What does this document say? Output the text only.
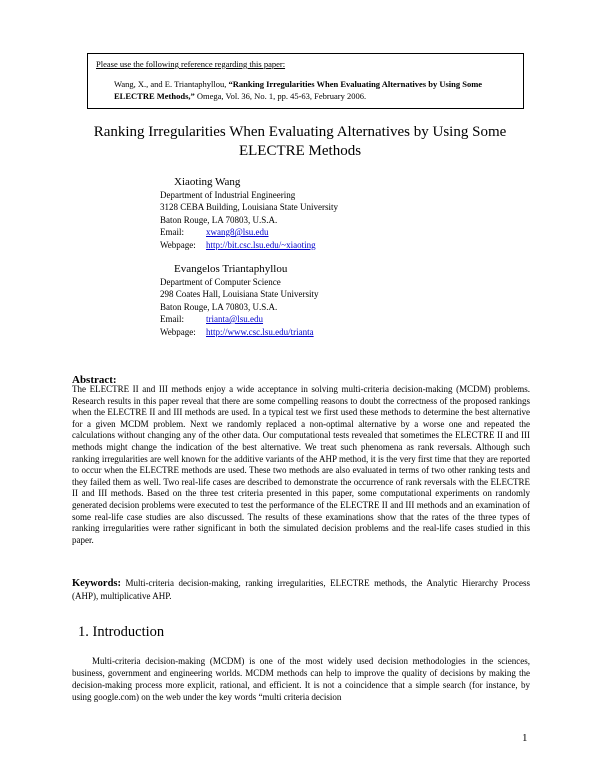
Please use the following reference regarding this paper:
Wang, X., and E. Triantaphyllou, “Ranking Irregularities When Evaluating Alternatives by Using Some ELECTRE Methods,” Omega, Vol. 36, No. 1, pp. 45-63, February 2006.
Ranking Irregularities When Evaluating Alternatives by Using Some
ELECTRE Methods
Xiaoting Wang
Department of Industrial Engineering
3128 CEBA Building, Louisiana State University
Baton Rouge, LA 70803, U.S.A.
Email: xwang8@lsu.edu
Webpage: http://bit.csc.lsu.edu/~xiaoting
Evangelos Triantaphyllou
Department of Computer Science
298 Coates Hall, Louisiana State University
Baton Rouge, LA 70803, U.S.A.
Email: trianta@lsu.edu
Webpage: http://www.csc.lsu.edu/trianta
Abstract:
The ELECTRE II and III methods enjoy a wide acceptance in solving multi-criteria decision-making (MCDM) problems. Research results in this paper reveal that there are some compelling reasons to doubt the correctness of the proposed rankings when the ELECTRE II and III methods are used. In a typical test we first used these methods to determine the best alternative for a given MCDM problem. Next we randomly replaced a non-optimal alternative by a worse one and repeated the calculations without changing any of the other data. Our computational tests revealed that sometimes the ELECTRE II and III methods might change the indication of the best alternative. We treat such phenomena as rank reversals. Although such ranking irregularities are well known for the additive variants of the AHP method, it is the very first time that they are reported to occur when the ELECTRE methods are used. These two methods are also evaluated in terms of two other ranking tests and they failed them as well. Two real-life cases are described to demonstrate the occurrence of rank reversals with the ELECTRE II and III methods. Based on the three test criteria presented in this paper, some computational experiments on randomly generated decision problems were executed to test the performance of the ELECTRE II and III methods and an examination of some real-life case studies are also discussed. The results of these examinations show that the rates of the three types of ranking irregularities were rather significant in both the simulated decision problems and the real-life cases studied in this paper.
Keywords: Multi-criteria decision-making, ranking irregularities, ELECTRE methods, the Analytic Hierarchy Process (AHP), multiplicative AHP.
1. Introduction
Multi-criteria decision-making (MCDM) is one of the most widely used decision methodologies in the sciences, business, government and engineering worlds. MCDM methods can help to improve the quality of decisions by making the decision-making process more explicit, rational, and efficient. It is not a coincidence that a simple search (for instance, by using google.com) on the web under the key words “multi criteria decision
1
